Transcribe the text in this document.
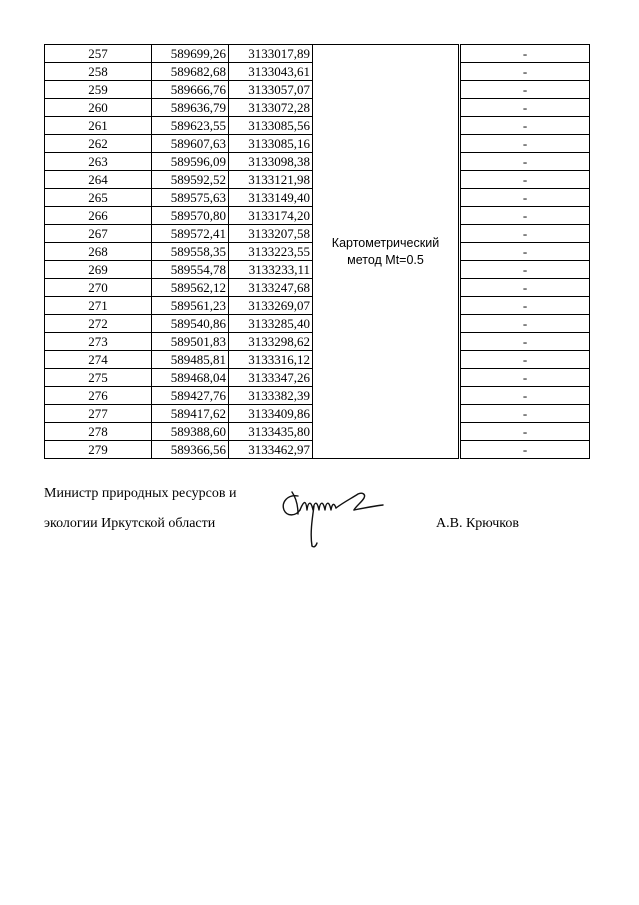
257	589699,26	3133017,89	Картометрический метод Mt=0.5		-
258	589682,68	3133043,61			-
259	589666,76	3133057,07			-
260	589636,79	3133072,28			-
261	589623,55	3133085,56			-
262	589607,63	3133085,16			-
263	589596,09	3133098,38			-
264	589592,52	3133121,98			-
265	589575,63	3133149,40			-
266	589570,80	3133174,20			-
267	589572,41	3133207,58			-
268	589558,35	3133223,55			-
269	589554,78	3133233,11			-
270	589562,12	3133247,68			-
271	589561,23	3133269,07			-
272	589540,86	3133285,40			-
273	589501,83	3133298,62			-
274	589485,81	3133316,12			-
275	589468,04	3133347,26			-
276	589427,76	3133382,39			-
277	589417,62	3133409,86			-
278	589388,60	3133435,80			-
279	589366,56	3133462,97			-
Министр природных ресурсов и
экологии Иркутской области	А.В. Крючков
